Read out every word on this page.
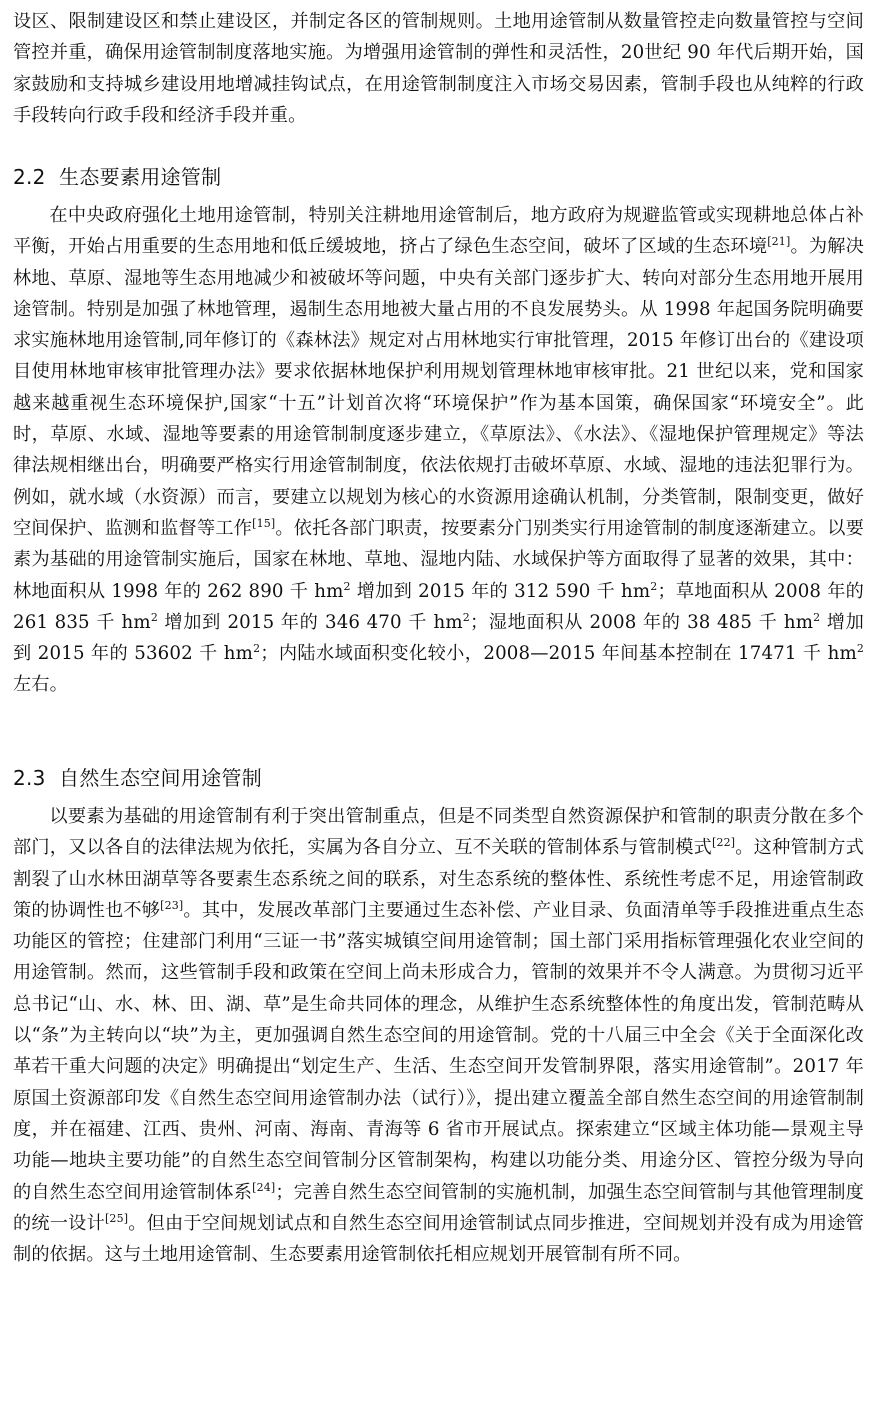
设区、限制建设区和禁止建设区，并制定各区的管制规则。土地用途管制从数量管控走向数量管控与空间管控并重，确保用途管制制度落地实施。为增强用途管制的弹性和灵活性，20世纪 90 年代后期开始，国家鼓励和支持城乡建设用地增减挂钩试点，在用途管制制度注入市场交易因素，管制手段也从纯粹的行政手段转向行政手段和经济手段并重。

2.2 生态要素用途管制

在中央政府强化土地用途管制，特别关注耕地用途管制后，地方政府为规避监管或实现耕地总体占补平衡，开始占用重要的生态用地和低丘缓坡地，挤占了绿色生态空间，破坏了区域的生态环境[21]。为解决林地、草原、湿地等生态用地减少和被破坏等问题，中央有关部门逐步扩大、转向对部分生态用地开展用途管制。特别是加强了林地管理，遏制生态用地被大量占用的不良发展势头。从 1998 年起国务院明确要求实施林地用途管制,同年修订的《森林法》规定对占用林地实行审批管理，2015 年修订出台的《建设项目使用林地审核审批管理办法》要求依据林地保护利用规划管理林地审核审批。21 世纪以来，党和国家越来越重视生态环境保护,国家“十五”计划首次将“环境保护”作为基本国策，确保国家“环境安全”。此时，草原、水域、湿地等要素的用途管制制度逐步建立，《草原法》、《水法》、《湿地保护管理规定》等法律法规相继出台，明确要严格实行用途管制制度，依法依规打击破坏草原、水域、湿地的违法犯罪行为。例如，就水域（水资源）而言，要建立以规划为核心的水资源用途确认机制，分类管制，限制变更，做好空间保护、监测和监督等工作[15]。依托各部门职责，按要素分门别类实行用途管制的制度逐渐建立。以要素为基础的用途管制实施后，国家在林地、草地、湿地内陆、水域保护等方面取得了显著的效果，其中：林地面积从 1998 年的 262 890 千 $hm^2$ 增加到 2015 年的 312 590 千 $hm^2$；草地面积从 2008 年的 261 835 千 $hm^2$ 增加到 2015 年的 346 470 千 $hm^2$；湿地面积从 2008 年的 38 485 千 $hm^2$ 增加到 2015 年的 53602 千 $hm^2$；内陆水域面积变化较小，2008—2015 年间基本控制在 17471 千 $hm^2$ 左右。

2.3 自然生态空间用途管制

以要素为基础的用途管制有利于突出管制重点，但是不同类型自然资源保护和管制的职责分散在多个部门，又以各自的法律法规为依托，实属为各自分立、互不关联的管制体系与管制模式[22]。这种管制方式割裂了山水林田湖草等各要素生态系统之间的联系，对生态系统的整体性、系统性考虑不足，用途管制政策的协调性也不够[23]。其中，发展改革部门主要通过生态补偿、产业目录、负面清单等手段推进重点生态功能区的管控；住建部门利用“三证一书”落实城镇空间用途管制；国土部门采用指标管理强化农业空间的用途管制。然而，这些管制手段和政策在空间上尚未形成合力，管制的效果并不令人满意。为贯彻习近平总书记“山、水、林、田、湖、草”是生命共同体的理念，从维护生态系统整体性的角度出发，管制范畴从以“条”为主转向以“块”为主，更加强调自然生态空间的用途管制。党的十八届三中全会《关于全面深化改革若干重大问题的决定》明确提出“划定生产、生活、生态空间开发管制界限，落实用途管制”。2017 年原国土资源部印发《自然生态空间用途管制办法（试行）》，提出建立覆盖全部自然生态空间的用途管制制度，并在福建、江西、贵州、河南、海南、青海等 6 省市开展试点。探索建立“区域主体功能—景观主导功能—地块主要功能”的自然生态空间管制分区管制架构，构建以功能分类、用途分区、管控分级为导向的自然生态空间用途管制体系[24]；完善自然生态空间管制的实施机制，加强生态空间管制与其他管理制度的统一设计[25]。但由于空间规划试点和自然生态空间用途管制试点同步推进，空间规划并没有成为用途管制的依据。这与土地用途管制、生态要素用途管制依托相应规划开展管制有所不同。
